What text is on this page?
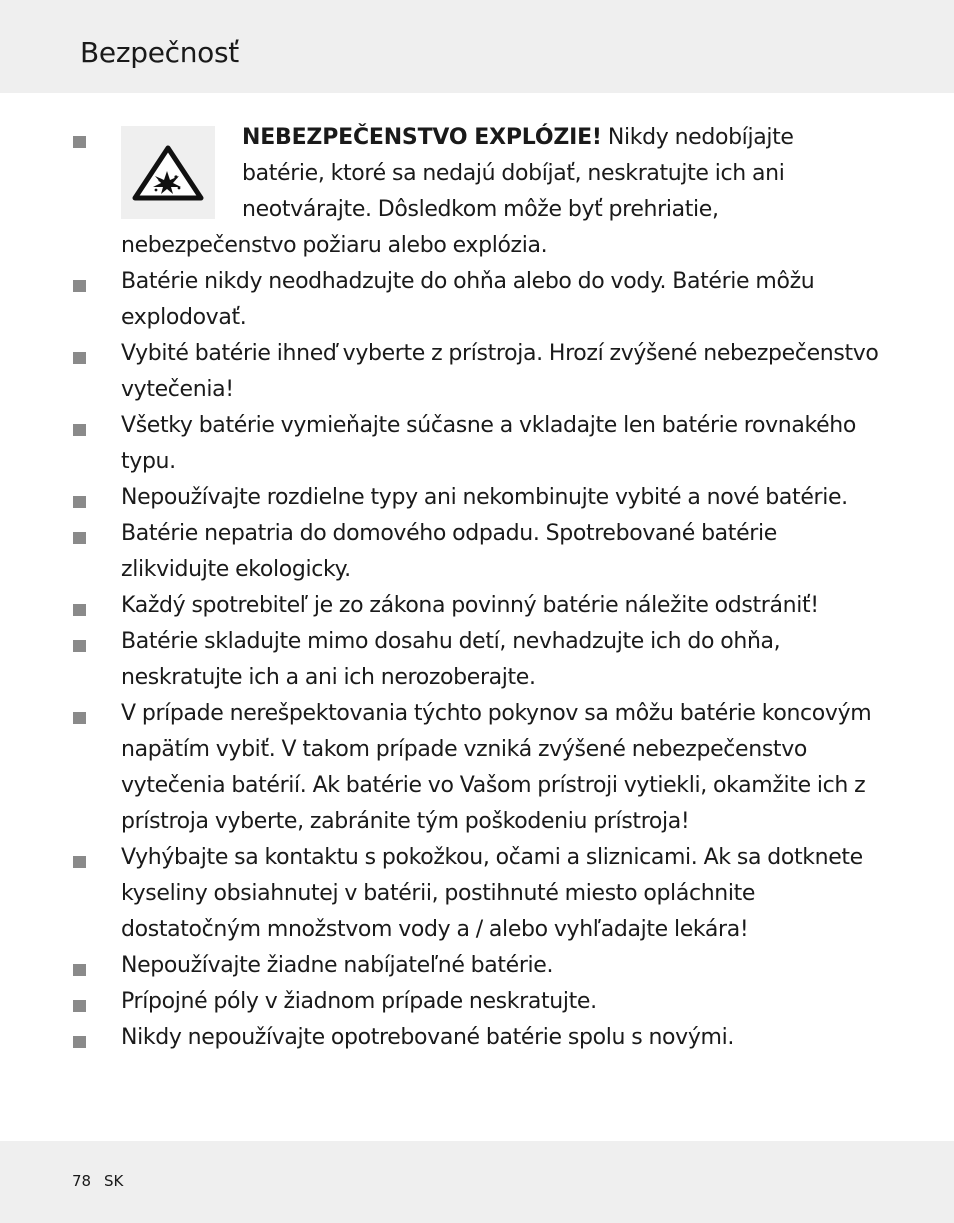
Bezpečnosť
NEBEZPEČENSTVO EXPLÓZIE! Nikdy nedobíjajte batérie, ktoré sa nedajú dobíjať, neskratujte ich ani neotvárajte. Dôsledkom môže byť prehriatie, nebezpečenstvo požiaru alebo explózia.
Batérie nikdy neodhadzujte do ohňa alebo do vody. Batérie môžu explodovať.
Vybité batérie ihneď vyberte z prístroja. Hrozí zvýšené nebezpečenstvo vytečenia!
Všetky batérie vymieňajte súčasne a vkladajte len batérie rovnakého typu.
Nepoužívajte rozdielne typy ani nekombinujte vybité a nové batérie.
Batérie nepatria do domového odpadu. Spotrebované batérie zlikvidujte ekologicky.
Každý spotrebiteľ je zo zákona povinný batérie náležite odstrániť!
Batérie skladujte mimo dosahu detí, nevhadzujte ich do ohňa, neskratujte ich a ani ich nerozoberajte.
V prípade nerešpektovania týchto pokynov sa môžu batérie koncovým napätím vybiť. V takom prípade vzniká zvýšené nebezpečenstvo vytečenia batérií. Ak batérie vo Vašom prístroji vytiekli, okamžite ich z prístroja vyberte, zabránite tým poškodeniu prístroja!
Vyhýbajte sa kontaktu s pokožkou, očami a sliznicami. Ak sa dotknete kyseliny obsiahnutej v batérii, postihnuté miesto opláchnite dostatočným množstvom vody a / alebo vyhľadajte lekára!
Nepoužívajte žiadne nabíjateľné batérie.
Prípojné póly v žiadnom prípade neskratujte.
Nikdy nepoužívajte opotrebované batérie spolu s novými.
78 SK
